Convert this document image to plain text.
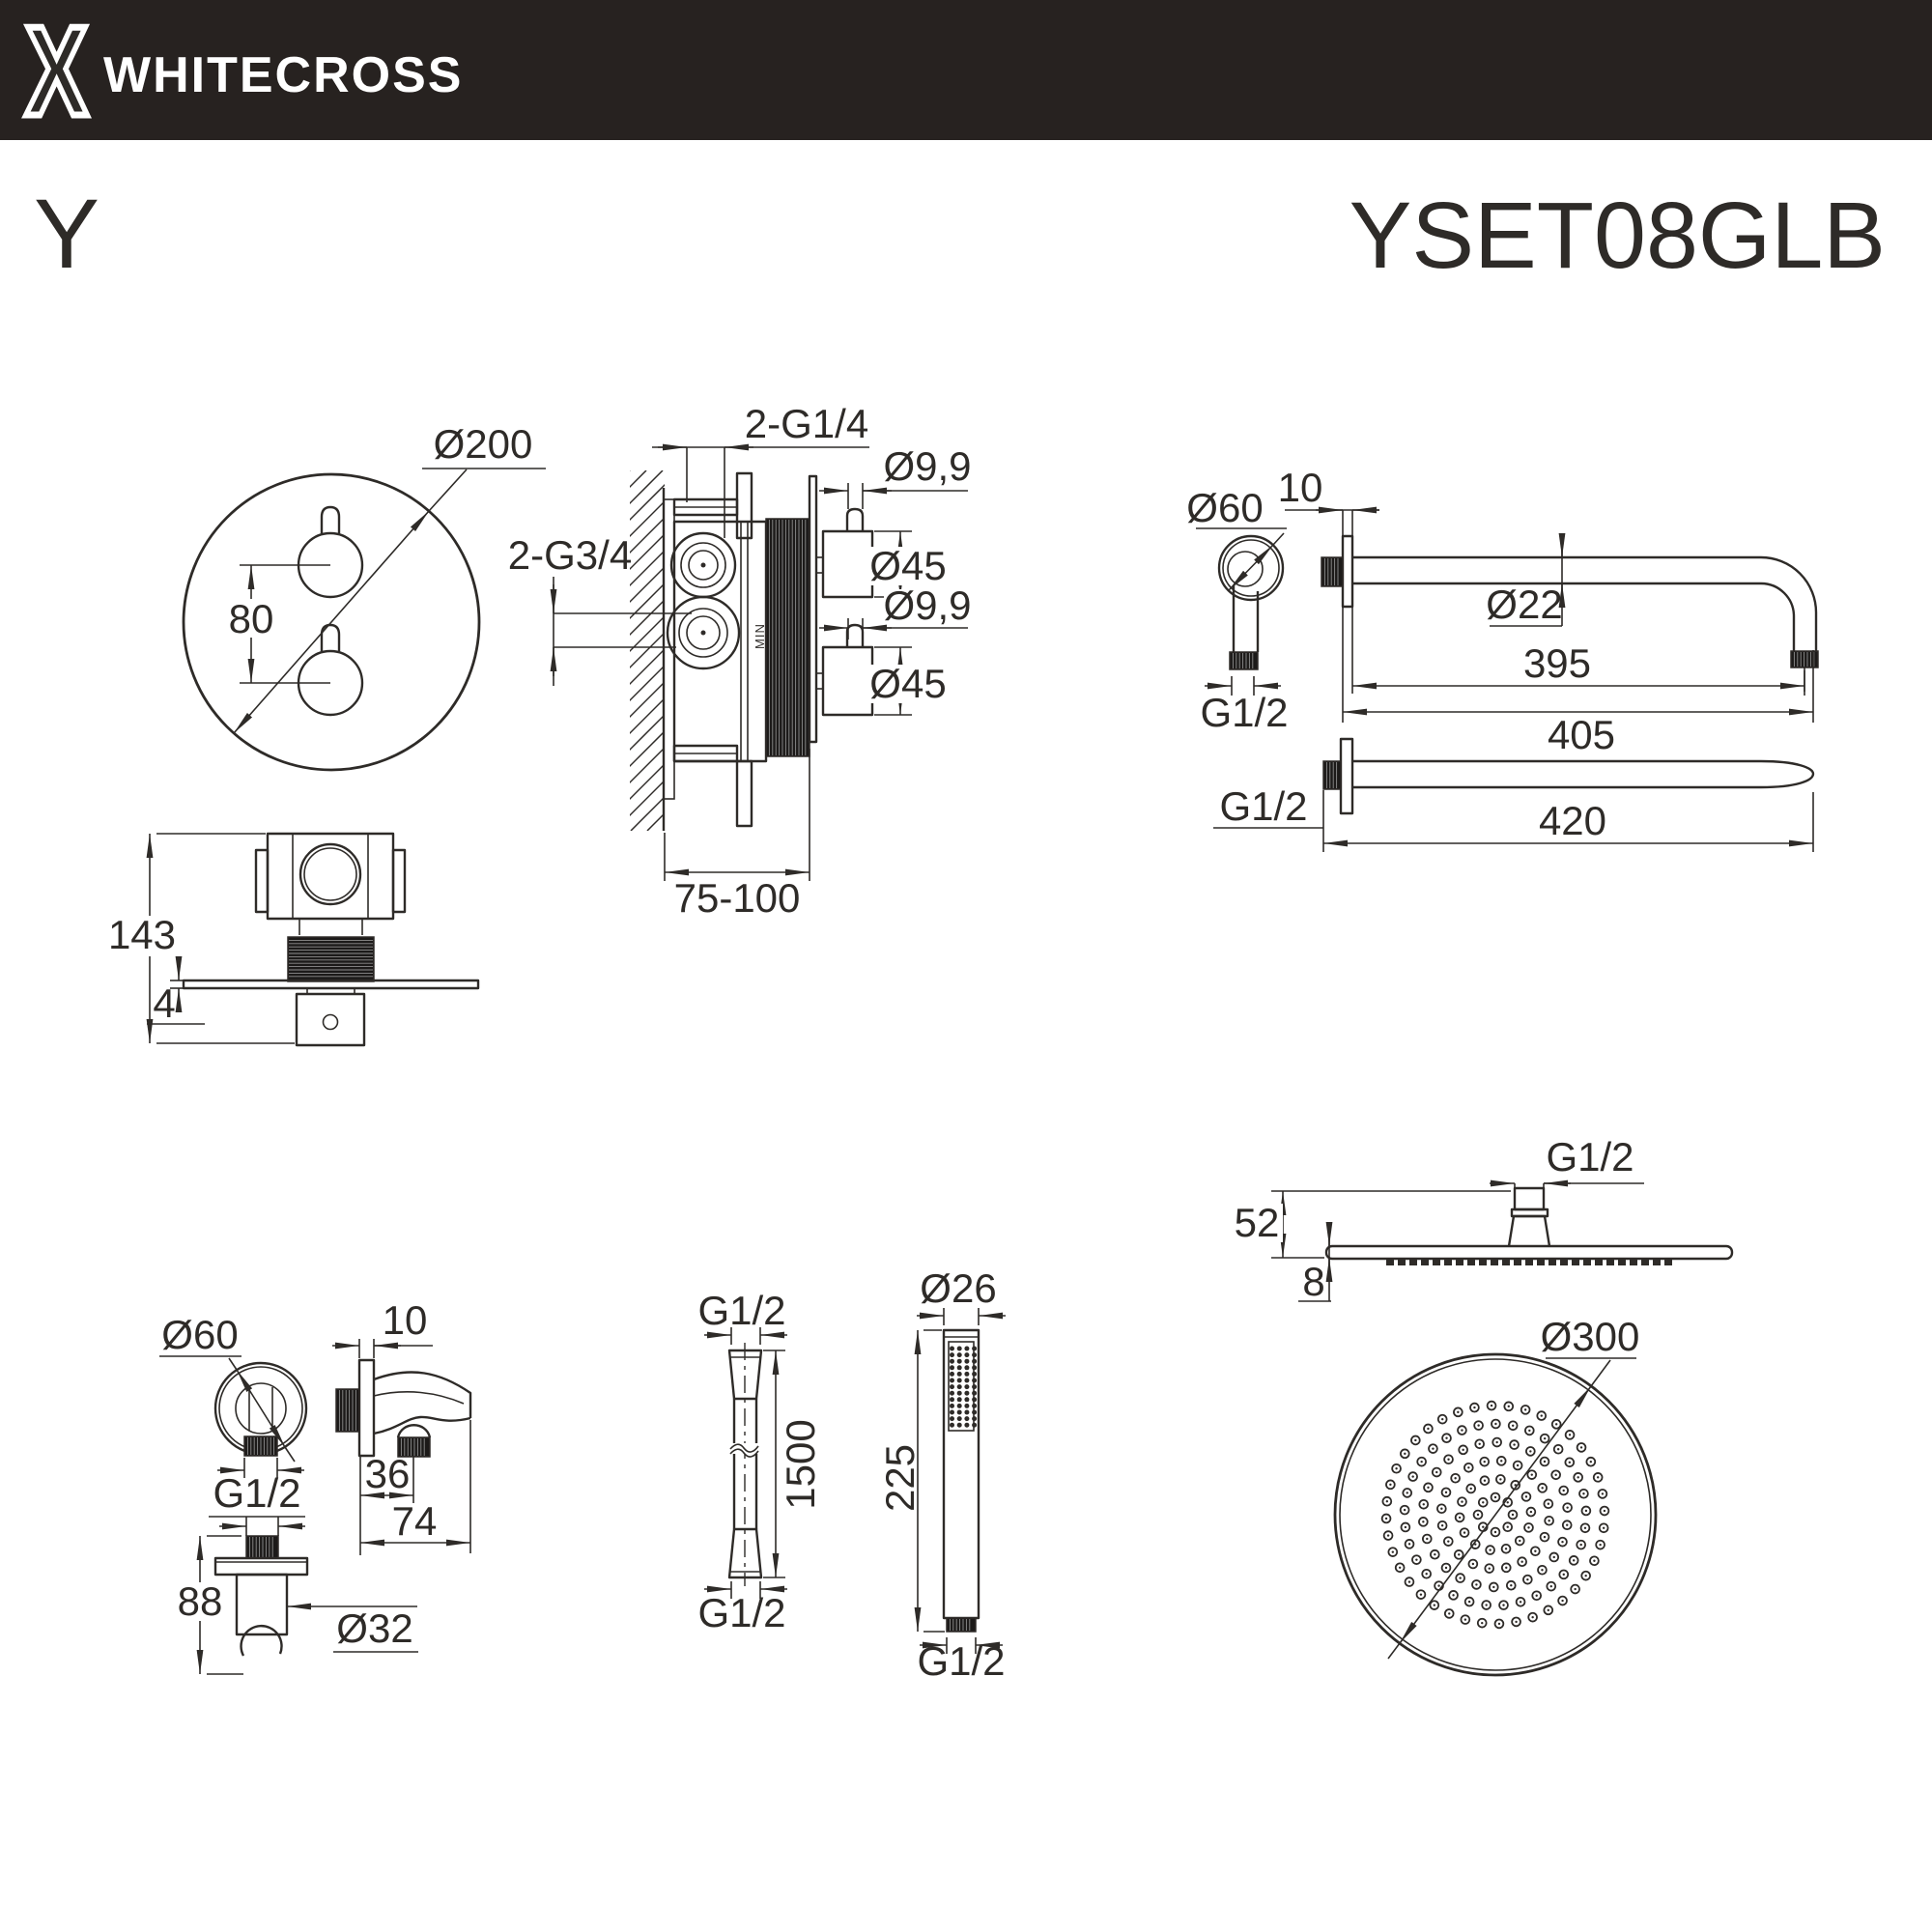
X WHITECROSS
Y	YSET08GLB
80
Ø200
MIN
2-G1/4
2-G3/4
Ø9,9
Ø45
Ø9,9
Ø45
75-100
143
4
Ø60
G1/2
10
Ø22
395
405
G1/2	420
G1/2
52
8
Ø300
Ø60
G1/2
88
Ø32
10
36
74
G1/2
G1/2
1500
Ø26
G1/2
225
